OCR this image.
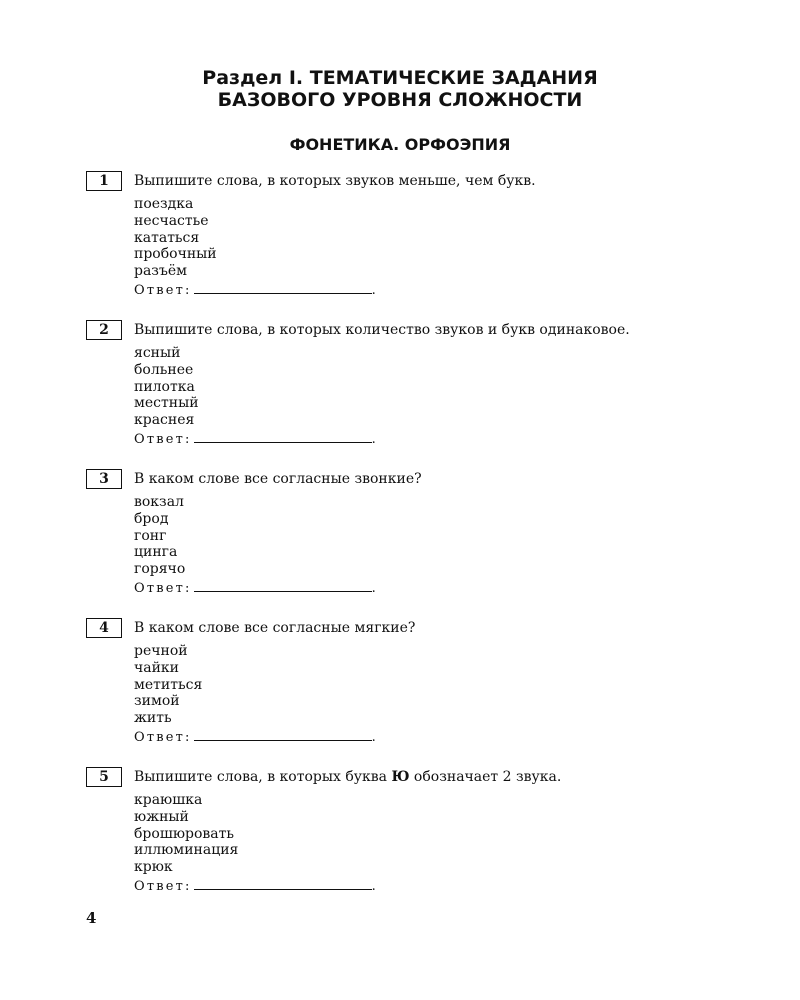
Раздел I. ТЕМАТИЧЕСКИЕ ЗАДАНИЯ
БАЗОВОГО УРОВНЯ СЛОЖНОСТИ
ФОНЕТИКА. ОРФОЭПИЯ
1	Выпишите слова, в которых звуков меньше, чем букв.
поездка
несчастье
кататься
пробочный
разъём
Ответ:	.
2	Выпишите слова, в которых количество звуков и букв одинаковое.
ясный
больнее
пилотка
местный
краснея
Ответ:	.
3	В каком слове все согласные звонкие?
вокзал
брод
гонг
цинга
горячо
Ответ:	.
4	В каком слове все согласные мягкие?
речной
чайки
метиться
зимой
жить
Ответ:	.
5	Выпишите слова, в которых буква Ю обозначает 2 звука.
краюшка
южный
брошюровать
иллюминация
крюк
Ответ:	.
4
